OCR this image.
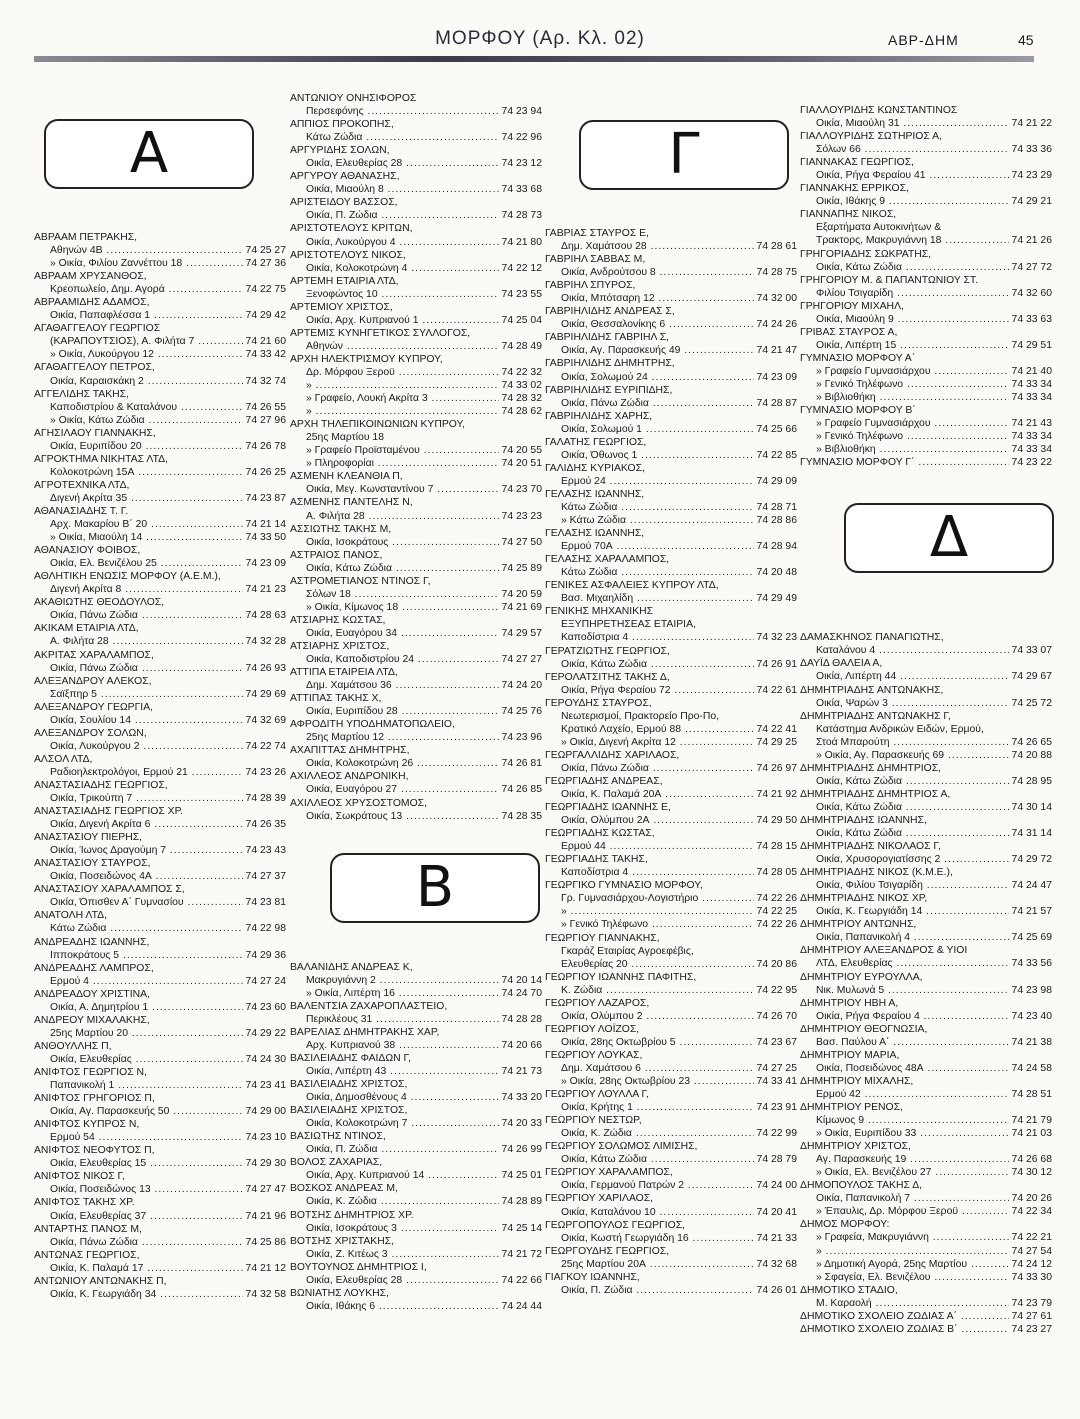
ΜΟΡΦΟΥ (Αρ. Κλ. 02)	ΑΒΡ-ΔΗΜ	45
Α
ΑΒΡΑΑΜ ΠΕΤΡΑΚΗΣ,
Αθηνών 4Β .....	74 25 27
» Οικία, Φιλίου Ζαννέττου 18 .....	74 27 36
ΑΒΡΑΑΜ ΧΡΥΣΑΝΘΟΣ,
Κρεοπωλείο, Δημ. Αγορά .....	74 22 75
ΑΒΡΑΑΜΙΔΗΣ ΑΔΑΜΟΣ,
Οικία, Παπαφλέσσα 1 .....	74 29 42
ΑΓΑΘΑΓΓΕΛΟΥ ΓΕΩΡΓΙΟΣ
(ΚΑΡΑΠΟΥΤΣΙΟΣ), Α. Φιλήτα 7 .....	74 21 60
» Οικία, Λυκούργου 12 .....	74 33 42
ΑΓΑΘΑΓΓΕΛΟΥ ΠΕΤΡΟΣ,
Οικία, Καραισκάκη 2 .....	74 32 74
ΑΓΓΕΛΙΔΗΣ ΤΑΚΗΣ,
Καποδιστρίου & Καταλάνου .....	74 26 55
» Οικία, Κάτω Ζώδια .....	74 27 96
ΑΓΗΣΙΛΑΟΥ ΓΙΑΝΝΑΚΗΣ,
Οικία, Ευριπίδου 20 .....	74 26 78
ΑΓΡΟΚΤΗΜΑ ΝΙΚΗΤΑΣ ΛΤΔ,
Κολοκοτρώνη 15Α .....	74 26 25
ΑΓΡΟΤΕΧΝΙΚΑ ΛΤΔ,
Διγενή Ακρίτα 35 .....	74 23 87
ΑΘΑΝΑΣΙΑΔΗΣ Τ. Γ.
Αρχ. Μακαρίου Β΄ 20 .....	74 21 14
» Οικία, Μιαούλη 14 .....	74 33 50
ΑΘΑΝΑΣΙΟΥ ΦΟΙΒΟΣ,
Οικία, Ελ. Βενιζέλου 25 .....	74 23 09
ΑΘΛΗΤΙΚΗ ΕΝΩΣΙΣ ΜΟΡΦΟΥ (Α.Ε.Μ.),
Διγενή Ακρίτα 8 .....	74 21 23
ΑΚΑΘΙΩΤΗΣ ΘΕΟΔΟΥΛΟΣ,
Οικία, Πάνω Ζώδια .....	74 28 63
ΑΚΙΚΑΜ ΕΤΑΙΡΙΑ ΛΤΔ,
Α. Φιλήτα 28 .....	74 32 28
ΑΚΡΙΤΑΣ ΧΑΡΑΛΑΜΠΟΣ,
Οικία, Πάνω Ζώδια .....	74 26 93
ΑΛΕΞΑΝΔΡΟΥ ΑΛΕΚΟΣ,
Σαϊξπηρ 5 .....	74 29 69
ΑΛΕΞΑΝΔΡΟΥ ΓΕΩΡΓΙΑ,
Οικία, Σουλίου 14 .....	74 32 69
ΑΛΕΞΑΝΔΡΟΥ ΣΟΛΩΝ,
Οικία, Λυκούργου 2 .....	74 22 74
ΑΛΣΟΛ ΛΤΔ,
Ραδιοηλεκτρολόγοι, Ερμού 21 .....	74 23 26
ΑΝΑΣΤΑΣΙΑΔΗΣ ΓΕΩΡΓΙΟΣ,
Οικία, Τρικούπη 7 .....	74 28 39
ΑΝΑΣΤΑΣΙΑΔΗΣ ΓΕΩΡΓΙΟΣ ΧΡ.
Οικία, Διγενή Ακρίτα 6 .....	74 26 35
ΑΝΑΣΤΑΣΙΟΥ ΠΙΕΡΗΣ,
Οικία, Ίωνος Δραγούμη 7 .....	74 23 43
ΑΝΑΣΤΑΣΙΟΥ ΣΤΑΥΡΟΣ,
Οικία, Ποσειδώνος 4Α .....	74 27 37
ΑΝΑΣΤΑΣΙΟΥ ΧΑΡΑΛΑΜΠΟΣ Σ,
Οικία, Όπισθεν Α΄ Γυμνασίου .....	74 23 81
ΑΝΑΤΟΛΗ ΛΤΔ,
Κάτω Ζώδια .....	74 22 98
ΑΝΔΡΕΑΔΗΣ ΙΩΑΝΝΗΣ,
Ιπποκράτους 5 .....	74 29 36
ΑΝΔΡΕΑΔΗΣ ΛΑΜΠΡΟΣ,
Ερμού 4 .....	74 27 24
ΑΝΔΡΕΑΔΟΥ ΧΡΙΣΤΙΝΑ,
Οικία, Α. Δημητρίου 1 .....	74 23 60
ΑΝΔΡΕΟΥ ΜΙΧΑΛΑΚΗΣ,
25ης Μαρτίου 20 .....	74 29 22
ΑΝΘΟΥΛΛΗΣ Π,
Οικία, Ελευθερίας .....	74 24 30
ΑΝΙΦΤΟΣ ΓΕΩΡΓΙΟΣ Ν,
Παπανικολή 1 .....	74 23 41
ΑΝΙΦΤΟΣ ΓΡΗΓΟΡΙΟΣ Π,
Οικία, Αγ. Παρασκευής 50 .....	74 29 00
ΑΝΙΦΤΟΣ ΚΥΠΡΟΣ Ν,
Ερμού 54 .....	74 23 10
ΑΝΙΦΤΟΣ ΝΕΟΦΥΤΟΣ Π,
Οικία, Ελευθερίας 15 .....	74 29 30
ΑΝΙΦΤΟΣ ΝΙΚΟΣ Γ,
Οικία, Ποσειδώνος 13 .....	74 27 47
ΑΝΙΦΤΟΣ ΤΑΚΗΣ ΧΡ.
Οικία, Ελευθερίας 37 .....	74 21 96
ΑΝΤΑΡΤΗΣ ΠΑΝΟΣ Μ,
Οικία, Πάνω Ζώδια .....	74 25 86
ΑΝΤΩΝΑΣ ΓΕΩΡΓΙΟΣ,
Οικία, Κ. Παλαμά 17 .....	74 21 12
ΑΝΤΩΝΙΟΥ ΑΝΤΩΝΑΚΗΣ Π,
Οικία, Κ. Γεωργιάδη 34 .....	74 32 58
ΑΝΤΩΝΙΟΥ ΟΝΗΣΙΦΟΡΟΣ
Περσεφόνης .....	74 23 94
ΑΠΠΙΟΣ ΠΡΟΚΟΠΗΣ,
Κάτω Ζώδια .....	74 22 96
ΑΡΓΥΡΙΔΗΣ ΣΟΛΩΝ,
Οικία, Ελευθερίας 28 .....	74 23 12
ΑΡΓΥΡΟΥ ΑΘΑΝΑΣΗΣ,
Οικία, Μιαούλη 8 .....	74 33 68
ΑΡΙΣΤΕΙΔΟΥ ΒΑΣΣΟΣ,
Οικία, Π. Ζώδια .....	74 28 73
ΑΡΙΣΤΟΤΕΛΟΥΣ ΚΡΙΤΩΝ,
Οικία, Λυκούργου 4 .....	74 21 80
ΑΡΙΣΤΟΤΕΛΟΥΣ ΝΙΚΟΣ,
Οικία, Κολοκοτρώνη 4 .....	74 22 12
ΑΡΤΕΜΗ ΕΤΑΙΡΙΑ ΛΤΔ,
Ξενοφώντος 10 .....	74 23 55
ΑΡΤΕΜΙΟΥ ΧΡΙΣΤΟΣ,
Οικία, Αρχ. Κυπριανού 1 .....	74 25 04
ΑΡΤΕΜΙΣ ΚΥΝΗΓΕΤΙΚΟΣ ΣΥΛΛΟΓΟΣ,
Αθηνών .....	74 28 49
ΑΡΧΗ ΗΛΕΚΤΡΙΣΜΟΥ ΚΥΠΡΟΥ,
Δρ. Μόρφου Ξεροϋ .....	74 22 32
» .....	74 33 02
» Γραφείο, Λουκή Ακρίτα 3 .....	74 28 32
» .....	74 28 62
ΑΡΧΗ ΤΗΛΕΠΙΚΟΙΝΩΝΙΩΝ ΚΥΠΡΟΥ,
25ης Μαρτίου 18
» Γραφείο Προϊσταμένου .....	74 20 55
» Πληροφορίαι .....	74 20 51
ΑΣΜΕΝΗ ΚΛΕΑΝΘΙΑ Π,
Οικία, Μεγ. Κωνσταντίνου 7 .....	74 23 70
ΑΣΜΕΝΗΣ ΠΑΝΤΕΛΗΣ Ν,
Α. Φιλήτα 28 .....	74 23 23
ΑΣΣΙΩΤΗΣ ΤΑΚΗΣ Μ,
Οικία, Ισοκράτους .....	74 27 50
ΑΣΤΡΑΙΟΣ ΠΑΝΟΣ,
Οικία, Κάτω Ζώδια .....	74 25 89
ΑΣΤΡΟΜΕΤΙΑΝΟΣ ΝΤΙΝΟΣ Γ,
Σόλων 18 .....	74 20 59
» Οικία, Κίμωνος 18 .....	74 21 69
ΑΤΣΙΑΡΗΣ ΚΩΣΤΑΣ,
Οικία, Ευαγόρου 34 .....	74 29 57
ΑΤΣΙΑΡΗΣ ΧΡΙΣΤΟΣ,
Οικία, Καποδιστρίου 24 .....	74 27 27
ΑΤΤΙΠΑ ΕΤΑΙΡΕΙΑ ΛΤΔ,
Δημ. Χαμάτσου 36 .....	74 24 20
ΑΤΤΙΠΑΣ ΤΑΚΗΣ Χ,
Οικία, Ευριπίδου 28 .....	74 25 76
ΑΦΡΟΔΙΤΗ ΥΠΟΔΗΜΑΤΟΠΩΛΕΙΟ,
25ης Μαρτίου 12 .....	74 23 96
ΑΧΑΠΙΤΤΑΣ ΔΗΜΗΤΡΗΣ,
Οικία, Κολοκοτρώνη 26 .....	74 26 81
ΑΧΙΛΛΕΟΣ ΑΝΔΡΟΝΙΚΗ,
Οικία, Ευαγόρου 27 .....	74 26 85
ΑΧΙΛΛΕΟΣ ΧΡΥΣΟΣΤΟΜΟΣ,
Οικία, Σωκράτους 13 .....	74 28 35
Β
ΒΑΛΑΝΙΔΗΣ ΑΝΔΡΕΑΣ Κ,
Μακρυγιάννη 2 .....	74 20 14
» Οικία, Λιπέρτη 16 .....	74 24 70
ΒΑΛΕΝΤΣΙΑ ΖΑΧΑΡΟΠΛΑΣΤΕΙΟ,
Περικλέους 31 .....	74 28 28
ΒΑΡΕΛΙΑΣ ΔΗΜΗΤΡΑΚΗΣ ΧΑΡ,
Αρχ. Κυπριανού 38 .....	74 20 66
ΒΑΣΙΛΕΙΑΔΗΣ ΦΑΙΔΩΝ Γ,
Οικία, Λιπέρτη 43 .....	74 21 73
ΒΑΣΙΛΕΙΑΔΗΣ ΧΡΙΣΤΟΣ,
Οικία, Δημοσθένους 4 .....	74 33 20
ΒΑΣΙΛΕΙΑΔΗΣ ΧΡΙΣΤΟΣ,
Οικία, Κολοκοτρώνη 7 .....	74 20 33
ΒΑΣΙΩΤΗΣ ΝΤΙΝΟΣ,
Οικία, Π. Ζώδια .....	74 26 99
ΒΟΛΟΣ ΖΑΧΑΡΙΑΣ,
Οικία, Αρχ. Κυπριανού 14 .....	74 25 01
ΒΟΣΚΟΣ ΑΝΔΡΕΑΣ Μ,
Οικία, Κ. Ζώδια .....	74 28 89
ΒΟΤΣΗΣ ΔΗΜΗΤΡΙΟΣ ΧΡ.
Οικία, Ισοκράτους 3 .....	74 25 14
ΒΟΤΣΗΣ ΧΡΙΣΤΑΚΗΣ,
Οικία, Ζ. Κιτέως 3 .....	74 21 72
ΒΟΥΤΟΥΝΟΣ ΔΗΜΗΤΡΙΟΣ Ι,
Οικία, Ελευθερίας 28 .....	74 22 66
ΒΩΝΙΑΤΗΣ ΛΟΥΚΗΣ,
Οικία, Ιθάκης 6 .....	74 24 44
Γ
ΓΑΒΡΙΑΣ ΣΤΑΥΡΟΣ Ε,
Δημ. Χαμάτσου 28 .....	74 28 61
ΓΑΒΡΙΗΛ ΣΑΒΒΑΣ Μ,
Οικία, Ανδρούτσου 8 .....	74 28 75
ΓΑΒΡΙΗΛ ΣΠΥΡΟΣ,
Οικία, Μπότσαρη 12 .....	74 32 00
ΓΑΒΡΙΗΛΙΔΗΣ ΑΝΔΡΕΑΣ Σ,
Οικία, Θεσσαλονίκης 6 .....	74 24 26
ΓΑΒΡΙΗΛΙΔΗΣ ΓΑΒΡΙΗΛ Σ,
Οικία, Αγ. Παρασκευής 49 .....	74 21 47
ΓΑΒΡΙΗΛΙΔΗΣ ΔΗΜΗΤΡΗΣ,
Οικία, Σολωμού 24 .....	74 23 09
ΓΑΒΡΙΗΛΙΔΗΣ ΕΥΡΙΠΙΔΗΣ,
Οικία, Πάνω Ζώδια .....	74 28 87
ΓΑΒΡΙΗΛΙΔΗΣ ΧΑΡΗΣ,
Οικία, Σολωμού 1 .....	74 25 66
ΓΑΛΑΤΗΣ ΓΕΩΡΓΙΟΣ,
Οικία, Όθωνος 1 .....	74 22 85
ΓΑΛΙΔΗΣ ΚΥΡΙΑΚΟΣ,
Ερμού 24 .....	74 29 09
ΓΕΛΑΣΗΣ ΙΩΑΝΝΗΣ,
Κάτω Ζώδια .....	74 28 71
» Κάτω Ζώδια .....	74 28 86
ΓΕΛΑΣΗΣ ΙΩΑΝΝΗΣ,
Ερμού 70Α .....	74 28 94
ΓΕΛΑΣΗΣ ΧΑΡΑΛΑΜΠΟΣ,
Κάτω Ζώδια .....	74 20 48
ΓΕΝΙΚΕΣ ΑΣΦΑΛΕΙΕΣ ΚΥΠΡΟΥ ΛΤΔ,
Βασ. Μιχαηλίδη .....	74 29 49
ΓΕΝΙΚΗΣ ΜΗΧΑΝΙΚΗΣ
ΕΞΥΠΗΡΕΤΗΣΕΑΣ ΕΤΑΙΡΙΑ,
Καποδίστρια 4 .....	74 32 23
ΓΕΡΑΤΖΙΩΤΗΣ ΓΕΩΡΓΙΟΣ,
Οικία, Κάτω Ζώδια .....	74 26 91
ΓΕΡΟΛΑΤΣΙΤΗΣ ΤΑΚΗΣ Δ,
Οικία, Ρήγα Φεραίου 72 .....	74 22 61
ΓΕΡΟΥΔΗΣ ΣΤΑΥΡΟΣ,
Νεωτερισμοί, Πρακτορείο Προ-Πο,
Κρατικό Λαχείο, Ερμού 88 .....	74 22 41
» Οικία, Διγενή Ακρίτα 12 .....	74 29 25
ΓΕΩΡΓΑΛΛΙΔΗΣ ΧΑΡΙΛΑΟΣ,
Οικία, Πάνω Ζώδια .....	74 26 97
ΓΕΩΡΓΙΑΔΗΣ ΑΝΔΡΕΑΣ,
Οικία, Κ. Παλαμά 20Α .....	74 21 92
ΓΕΩΡΓΙΑΔΗΣ ΙΩΑΝΝΗΣ Ε,
Οικία, Ολύμπου 2Α .....	74 29 50
ΓΕΩΡΓΙΑΔΗΣ ΚΩΣΤΑΣ,
Ερμού 44 .....	74 28 15
ΓΕΩΡΓΙΑΔΗΣ ΤΑΚΗΣ,
Καποδίστρια 4 .....	74 28 05
ΓΕΩΡΓΙΚΟ ΓΥΜΝΑΣΙΟ ΜΟΡΦΟΥ,
Γρ. Γυμνασιάρχου-Λογιστήριο .....	74 22 26
» .....	74 22 25
» Γενικό Τηλέφωνο .....	74 22 26
ΓΕΩΡΓΙΟΥ ΓΙΑΝΝΑΚΗΣ,
Γκαράζ Εταιρίας Αγροεφέβις,
Ελευθερίας 20 .....	74 20 86
ΓΕΩΡΓΙΟΥ ΙΩΑΝΝΗΣ ΠΑΦΙΤΗΣ,
Κ. Ζώδια .....	74 22 95
ΓΕΩΡΓΙΟΥ ΛΑΖΑΡΟΣ,
Οικία, Ολύμπου 2 .....	74 26 70
ΓΕΩΡΓΙΟΥ ΛΟΪΖΟΣ,
Οικία, 28ης Οκτωβρίου 5 .....	74 23 67
ΓΕΩΡΓΙΟΥ ΛΟΥΚΑΣ,
Δημ. Χαμάτσου 6 .....	74 27 25
» Οικία, 28ης Οκτωβρίου 23 .....	74 33 41
ΓΕΩΡΓΙΟΥ ΛΟΥΛΛΑ Γ,
Οικία, Κρήτης 1 .....	74 23 91
ΓΕΩΡΓΙΟΥ ΝΕΣΤΩΡ,
Οικία, Κ. Ζώδια .....	74 22 99
ΓΕΩΡΓΙΟΥ ΣΟΛΩΜΟΣ ΛΙΜΙΣΗΣ,
Οικία, Κάτω Ζώδια .....	74 28 79
ΓΕΩΡΓΙΟΥ ΧΑΡΑΛΑΜΠΟΣ,
Οικία, Γερμανού Πατρών 2 .....	74 24 00
ΓΕΩΡΓΙΟΥ ΧΑΡΙΛΑΟΣ,
Οικία, Καταλάνου 10 .....	74 20 41
ΓΕΩΡΓΟΠΟΥΛΟΣ ΓΕΩΡΓΙΟΣ,
Οικία, Κωστή Γεωργιάδη 16 .....	74 21 33
ΓΕΩΡΓΟΥΔΗΣ ΓΕΩΡΓΙΟΣ,
25ης Μαρτίου 20Α .....	74 32 68
ΓΙΑΓΚΟΥ ΙΩΑΝΝΗΣ,
Οικία, Π. Ζώδια .....	74 26 01
ΓΙΑΛΛΟΥΡΙΔΗΣ ΚΩΝΣΤΑΝΤΙΝΟΣ
Οικία, Μιαούλη 31 .....	74 21 22
ΓΙΑΛΛΟΥΡΙΔΗΣ ΣΩΤΗΡΙΟΣ Α,
Σόλων 66 .....	74 33 36
ΓΙΑΝΝΑΚΑΣ ΓΕΩΡΓΙΟΣ,
Οικία, Ρήγα Φεραίου 41 .....	74 23 29
ΓΙΑΝΝΑΚΗΣ ΕΡΡΙΚΟΣ,
Οικία, Ιθάκης 9 .....	74 29 21
ΓΙΑΝΝΑΠΗΣ ΝΙΚΟΣ,
Εξαρτήματα Αυτοκινήτων &
Τρακτορς, Μακρυγιάννη 18 .....	74 21 26
ΓΡΗΓΟΡΙΑΔΗΣ ΣΩΚΡΑΤΗΣ,
Οικία, Κάτω Ζώδια .....	74 27 72
ΓΡΗΓΟΡΙΟΥ Μ. & ΠΑΠΑΝΤΩΝΙΟΥ ΣΤ.
Φιλίου Τσιγαρίδη .....	74 32 60
ΓΡΗΓΟΡΙΟΥ ΜΙΧΑΗΛ,
Οικία, Μιαούλη 9 .....	74 33 63
ΓΡΙΒΑΣ ΣΤΑΥΡΟΣ Α,
Οικία, Λιπέρτη 15 .....	74 29 51
ΓΥΜΝΑΣΙΟ ΜΟΡΦΟΥ Α΄
» Γραφείο Γυμνασιάρχου .....	74 21 40
» Γενικό Τηλέφωνο .....	74 33 34
» Βιβλιοθήκη .....	74 33 34
ΓΥΜΝΑΣΙΟ ΜΟΡΦΟΥ Β΄
» Γραφείο Γυμνασιάρχου .....	74 21 43
» Γενικό Τηλέφωνο .....	74 33 34
» Βιβλιοθήκη .....	74 33 34
ΓΥΜΝΑΣΙΟ ΜΟΡΦΟΥ Γ΄ .....	74 23 22
Δ
ΔΑΜΑΣΚΗΝΟΣ ΠΑΝΑΓΙΩΤΗΣ,
Καταλάνου 4 .....	74 33 07
ΔΑΥΪΔ ΘΑΛΕΙΑ Α,
Οικία, Λιπέρτη 44 .....	74 29 67
ΔΗΜΗΤΡΙΑΔΗΣ ΑΝΤΩΝΑΚΗΣ,
Οικία, Ψαρών 3 .....	74 25 72
ΔΗΜΗΤΡΙΑΔΗΣ ΑΝΤΩΝΑΚΗΣ Γ,
Κατάστημα Ανδρικών Ειδών, Ερμού,
Στοά Μπαρούτη .....	74 26 65
» Οικία, Αγ. Παρασκευής 69 .....	74 20 88
ΔΗΜΗΤΡΙΑΔΗΣ ΔΗΜΗΤΡΙΟΣ,
Οικία, Κάτω Ζώδια .....	74 28 95
ΔΗΜΗΤΡΙΑΔΗΣ ΔΗΜΗΤΡΙΟΣ Α,
Οικία, Κάτω Ζώδια .....	74 30 14
ΔΗΜΗΤΡΙΑΔΗΣ ΙΩΑΝΝΗΣ,
Οικία, Κάτω Ζώδια .....	74 31 14
ΔΗΜΗΤΡΙΑΔΗΣ ΝΙΚΟΛΑΟΣ Γ,
Οικία, Χρυσορογιατίσσης 2 .....	74 29 72
ΔΗΜΗΤΡΙΑΔΗΣ ΝΙΚΟΣ (Κ.Μ.Ε.),
Οικία, Φιλίου Τσιγαρίδη .....	74 24 47
ΔΗΜΗΤΡΙΑΔΗΣ ΝΙΚΟΣ ΧΡ,
Οικία, Κ. Γεωργιάδη 14 .....	74 21 57
ΔΗΜΗΤΡΙΟΥ ΑΝΤΩΝΗΣ,
Οικία, Παπανικολή 4 .....	74 25 69
ΔΗΜΗΤΡΙΟΥ ΑΛΕΞΑΝΔΡΟΣ & ΥΙΟΙ
ΛΤΔ, Ελευθερίας .....	74 33 56
ΔΗΜΗΤΡΙΟΥ ΕΥΡΟΥΛΛΑ,
Νικ. Μυλωνά 5 .....	74 23 98
ΔΗΜΗΤΡΙΟΥ ΗΒΗ Α,
Οικία, Ρήγα Φεραίου 4 .....	74 23 40
ΔΗΜΗΤΡΙΟΥ ΘΕΟΓΝΩΣΙΑ,
Βασ. Παύλου Α΄ .....	74 21 38
ΔΗΜΗΤΡΙΟΥ ΜΑΡΙΑ,
Οικία, Ποσειδώνος 48Α .....	74 24 58
ΔΗΜΗΤΡΙΟΥ ΜΙΧΑΛΗΣ,
Ερμού 42 .....	74 28 51
ΔΗΜΗΤΡΙΟΥ ΡΕΝΟΣ,
Κίμωνος 9 .....	74 21 79
» Οικία, Ευριπίδου 33 .....	74 21 03
ΔΗΜΗΤΡΙΟΥ ΧΡΙΣΤΟΣ,
Αγ. Παρασκευής 19 .....	74 26 68
» Οικία, Ελ. Βενιζέλου 27 .....	74 30 12
ΔΗΜΟΠΟΥΛΟΣ ΤΑΚΗΣ Δ,
Οικία, Παπανικολή 7 .....	74 20 26
» Έπαυλις, Δρ. Μόρφου Ξεροϋ .....	74 22 34
ΔΗΜΟΣ ΜΟΡΦΟΥ:
» Γραφεία, Μακρυγιάννη .....	74 22 21
» .....	74 27 54
» Δημοτική Αγορά, 25ης Μαρτίου .....	74 24 12
» Σφαγεία, Ελ. Βενιζέλου .....	74 33 30
ΔΗΜΟΤΙΚΟ ΣΤΑΔΙΟ,
Μ. Καραολή .....	74 23 79
ΔΗΜΟΤΙΚΟ ΣΧΟΛΕΙΟ ΖΩΔΙΑΣ Α΄ .....	74 27 61
ΔΗΜΟΤΙΚΟ ΣΧΟΛΕΙΟ ΖΩΔΙΑΣ Β΄ .....	74 23 27
